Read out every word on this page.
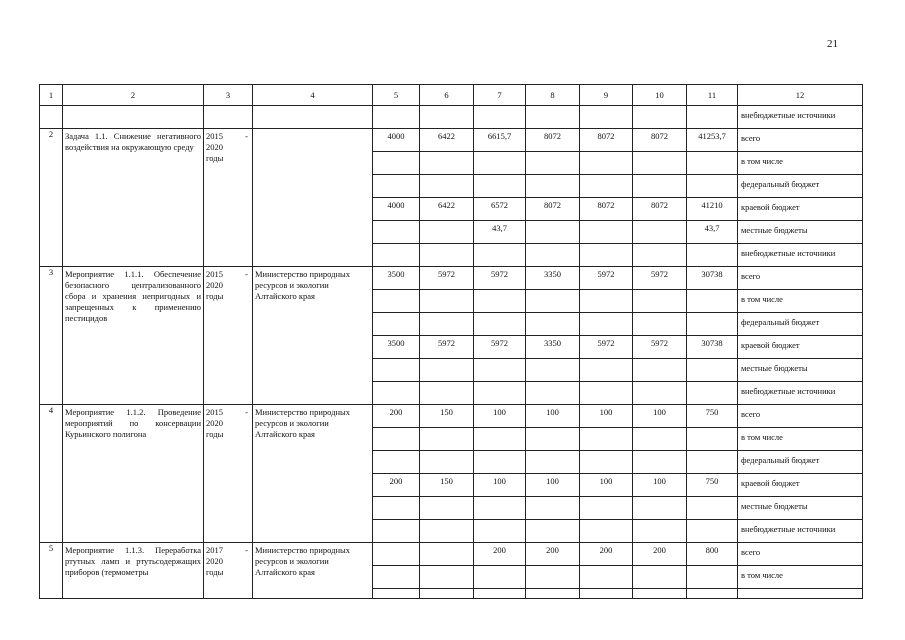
21
1	2	3	4	5	6	7	8	9	10	11	12
											внебюджетные источники
2	Задача 1.1. Снижение негативного воздействия на окружающую среду	2015 -

2020
годы		4000	6422	6615,7	8072	8072	8072	41253,7	всего
											в том числе
											федеральный бюджет
				4000	6422	6572	8072	8072	8072	41210	краевой бюджет
						43,7				43,7	местные бюджеты
											внебюджетные источники
3	Мероприятие 1.1.1. Обеспечение безопасного централизованного сбора и хранения непригодных и запрещенных к применению пестицидов	2015 -

2020
годы	Министерство природных ресурсов и экологии Алтайского края	3500	5972	5972	3350	5972	5972	30738	всего
											в том числе
											федеральный бюджет
				3500	5972	5972	3350	5972	5972	30738	краевой бюджет
											местные бюджеты
											внебюджетные источники
4	Мероприятие 1.1.2. Проведение мероприятий по консервации Курьинского полигона	2015 -

2020
годы	Министерство природных ресурсов и экологии Алтайского края	200	150	100	100	100	100	750	всего
											в том числе
											федеральный бюджет
				200	150	100	100	100	100	750	краевой бюджет
											местные бюджеты
											внебюджетные источники
5	Мероприятие 1.1.3. Переработка ртутных ламп и ртутьсодержащих приборов (термометры	2017 -

2020
годы	Министерство природных ресурсов и экологии Алтайского края			200	200	200	200	800	всего
											в том числе
